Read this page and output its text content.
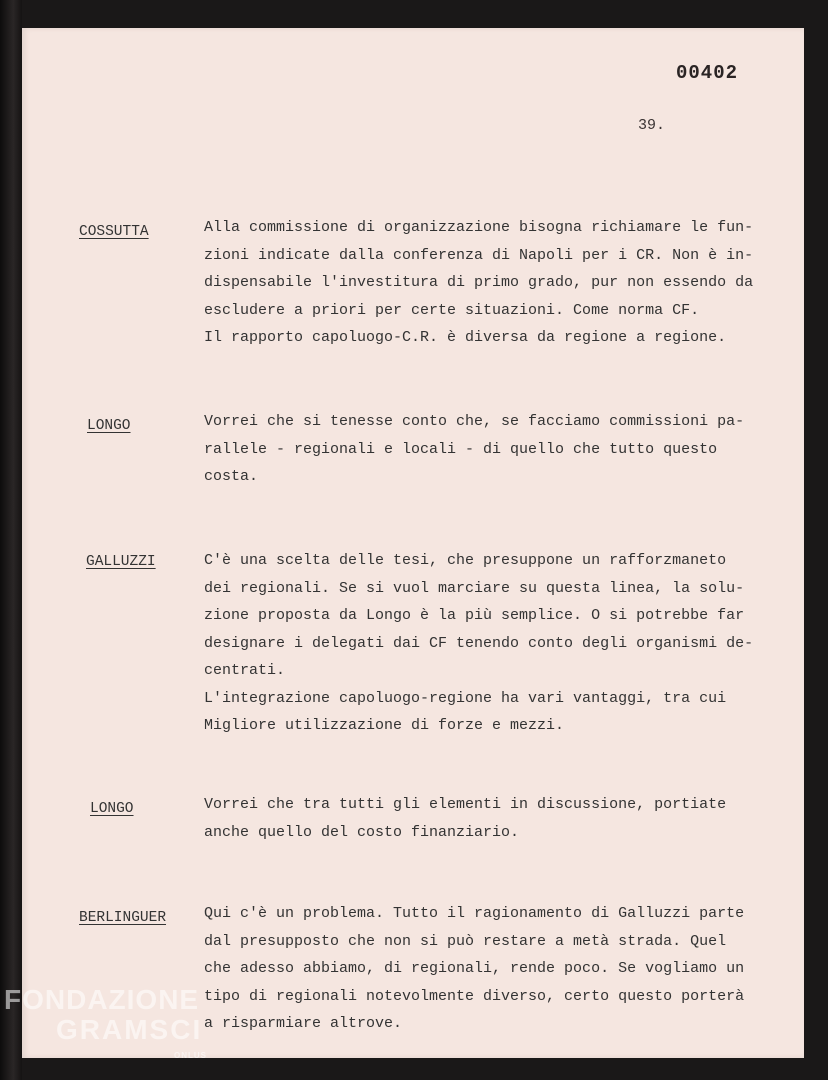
00402
39.
COSSUTTA	Alla commissione di organizzazione bisogna richiamare le fun-
zioni indicate dalla conferenza di Napoli per i CR. Non è in-
dispensabile l'investitura di primo grado, pur non essendo da
escludere a priori per certe situazioni. Come norma CF.
Il rapporto capoluogo-C.R. è diversa da regione a regione.
LONGO	Vorrei che si tenesse conto che, se facciamo commissioni pa-
rallele - regionali e locali - di quello che tutto questo
costa.
GALLUZZI	C'è una scelta delle tesi, che presuppone un rafforzmaneto
dei regionali. Se si vuol marciare su questa linea, la solu-
zione proposta da Longo è la più semplice. O si potrebbe far
designare i delegati dai CF tenendo conto degli organismi de-
centrati.
L'integrazione capoluogo-regione ha vari vantaggi, tra cui
Migliore utilizzazione di forze e mezzi.
LONGO	Vorrei che tra tutti gli elementi in discussione, portiate
anche quello del costo finanziario.
BERLINGUER	Qui c'è un problema. Tutto il ragionamento di Galluzzi parte
dal presupposto che non si può restare a metà strada. Quel
che adesso abbiamo, di regionali, rende poco. Se vogliamo un
tipo di regionali notevolmente diverso, certo questo porterà
a risparmiare altrove.
FONDAZIONE
GRAMSCI
ONLUS
